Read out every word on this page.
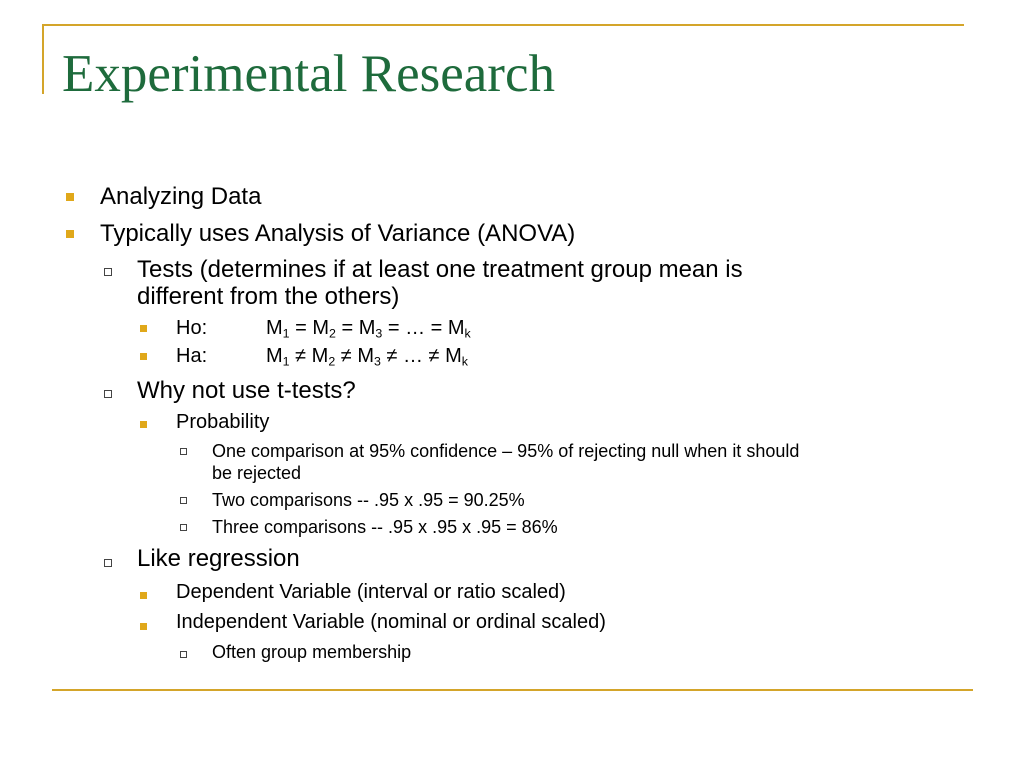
Experimental Research
Analyzing Data
Typically uses Analysis of Variance (ANOVA)
Tests (determines if at least one treatment group mean is
different from the others)
Ho:	$M_1 = M_2 = M_3$ = … = $M_k$
Ha:	$M_1 \ne M_2 \ne M_3$ ≠ … ≠ $M_k$
Why not use t-tests?
Probability
One comparison at 95% confidence – 95% of rejecting null when it should
be rejected
Two comparisons -- .95 x .95 = 90.25%
Three comparisons -- .95 x .95 x .95 = 86%
Like regression
Dependent Variable (interval or ratio scaled)
Independent Variable (nominal or ordinal scaled)
Often group membership
